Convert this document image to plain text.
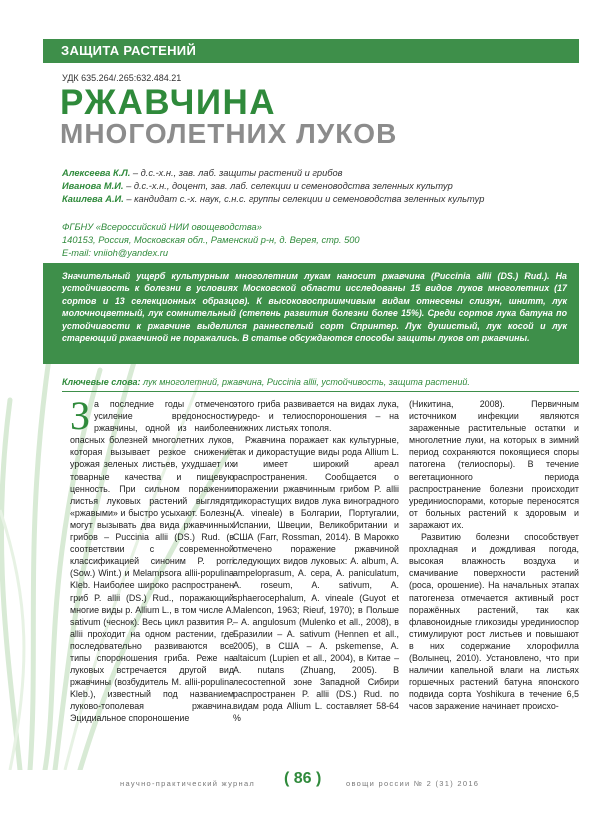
ЗАЩИТА РАСТЕНИЙ
УДК 635.264/.265:632.484.21
РЖАВЧИНА
МНОГОЛЕТНИХ ЛУКОВ
Алексеева К.Л. – д.с.-х.н., зав. лаб. защиты растений и грибов
Иванова М.И. – д.с.-х.н., доцент, зав. лаб. селекции и семеноводства зеленных культур
Кашлева А.И. – кандидат с.-х. наук, с.н.с. группы селекции и семеноводства зеленных культур
ФГБНУ «Всероссийский НИИ овощеводства»
140153, Россия, Московская обл., Раменский р-н, д. Верея, стр. 500
E-mail: vniioh@yandex.ru

Значительный ущерб культурным многолетним лукам наносит ржавчина (Puccinia allii (DS.) Rud.). На устойчивость к болезни в условиях Московской области исследованы 15 видов луков многолетних (17 сортов и 13 селекционных образцов). К высоковосприимчивым видам отнесены слизун, шнитт, лук молочноцветный, лук сомнительный (степень развития болезни более 15%). Среди сортов лука батуна по устойчивости к ржавчине выделился раннеспелый сорт Спринтер. Лук душистый, лук косой и лук стареющий ржавчиной не поражались. В статье обсуждаются способы защиты луков от ржавчины.

Ключевые слова: лук многолетний, ржавчина, Puccinia allii, устойчивость, защита растений.

За последние годы отмечено усиление вредоносности ржавчины, одной из наиболее опасных болезней многолетних луков, которая вызывает резкое снижение урожая зеленых листьев, ухудшает их товарные качества и пищевую ценность. При сильном поражении листья луковых растений выглядят «ржавыми» и быстро усыхают. Болезнь могут вызывать два вида ржавчинных грибов – Puccinia allii (DS.) Rud. (в соответствии с современной классификацией синоним P. porri (Sow.) Wint.) и Melampsora allii-populina Kleb. Наиболее широко распространен гриб P. allii (DS.) Rud., поражающий многие виды р. Allium L., в том числе A. sativum (чеснок). Весь цикл развития P. allii проходит на одном растении, где последовательно развиваются все типы спороношения гриба. Реже на луковых встречается другой вид ржавчины (возбудитель M. allii-populina Kleb.), известный под названием луково-тополевая ржавчина. Эцидиальное спороношение

этого гриба развивается на видах лука, уредо- и телиоспороношения – на нижних листьях тополя.

Ржавчина поражает как культурные, так и дикорастущие виды рода Allium L. и имеет широкий ареал распространения. Сообщается о поражении ржавчинным грибом P. allii дикорастущих видов лука виноградного (A. vineale) в Болгарии, Португалии, Испании, Швеции, Великобритании и США (Farr, Rossman, 2014). В Марокко отмечено поражение ржавчиной следующих видов луковых: A. album, A. ampeloprasum, A. cepa, A. paniculatum, A. roseum, A. sativum, A. sphaerocephalum, A. vineale (Guyot et Malencon, 1963; Rieuf, 1970); в Польше – A. angulosum (Mulenko et all., 2008), в Бразилии – A. sativum (Hennen et all., 2005), в США – A. pskemense, A. altaicum (Lupien et all., 2004), в Китае – A. nutans (Zhuang, 2005). В лесостепной зоне Западной Сибири распространен P. allii (DS.) Rud. по видам рода Allium L. составляет 58-64 %

(Никитина, 2008). Первичным источником инфекции являются зараженные растительные остатки и многолетние луки, на которых в зимний период сохраняются покоящиеся споры патогена (телиоспоры). В течение вегетационного периода распространение болезни происходит урединиоспорами, которые переносятся от больных растений к здоровым и заражают их.

Развитию болезни способствует прохладная и дождливая погода, высокая влажность воздуха и смачивание поверхности растений (роса, орошение). На начальных этапах патогенеза отмечается активный рост поражённых растений, так как флавоноидные гликозиды урединиоспор стимулируют рост листьев и повышают в них содержание хлорофилла (Волынец, 2010). Установлено, что при наличии капельной влаги на листьях горшечных растений батуна японского подвида сорта Yoshikura в течение 6,5 часов заражение начинает происхо-

научно-практический журнал ( 86 )	овощи россии № 2 (31) 2016
